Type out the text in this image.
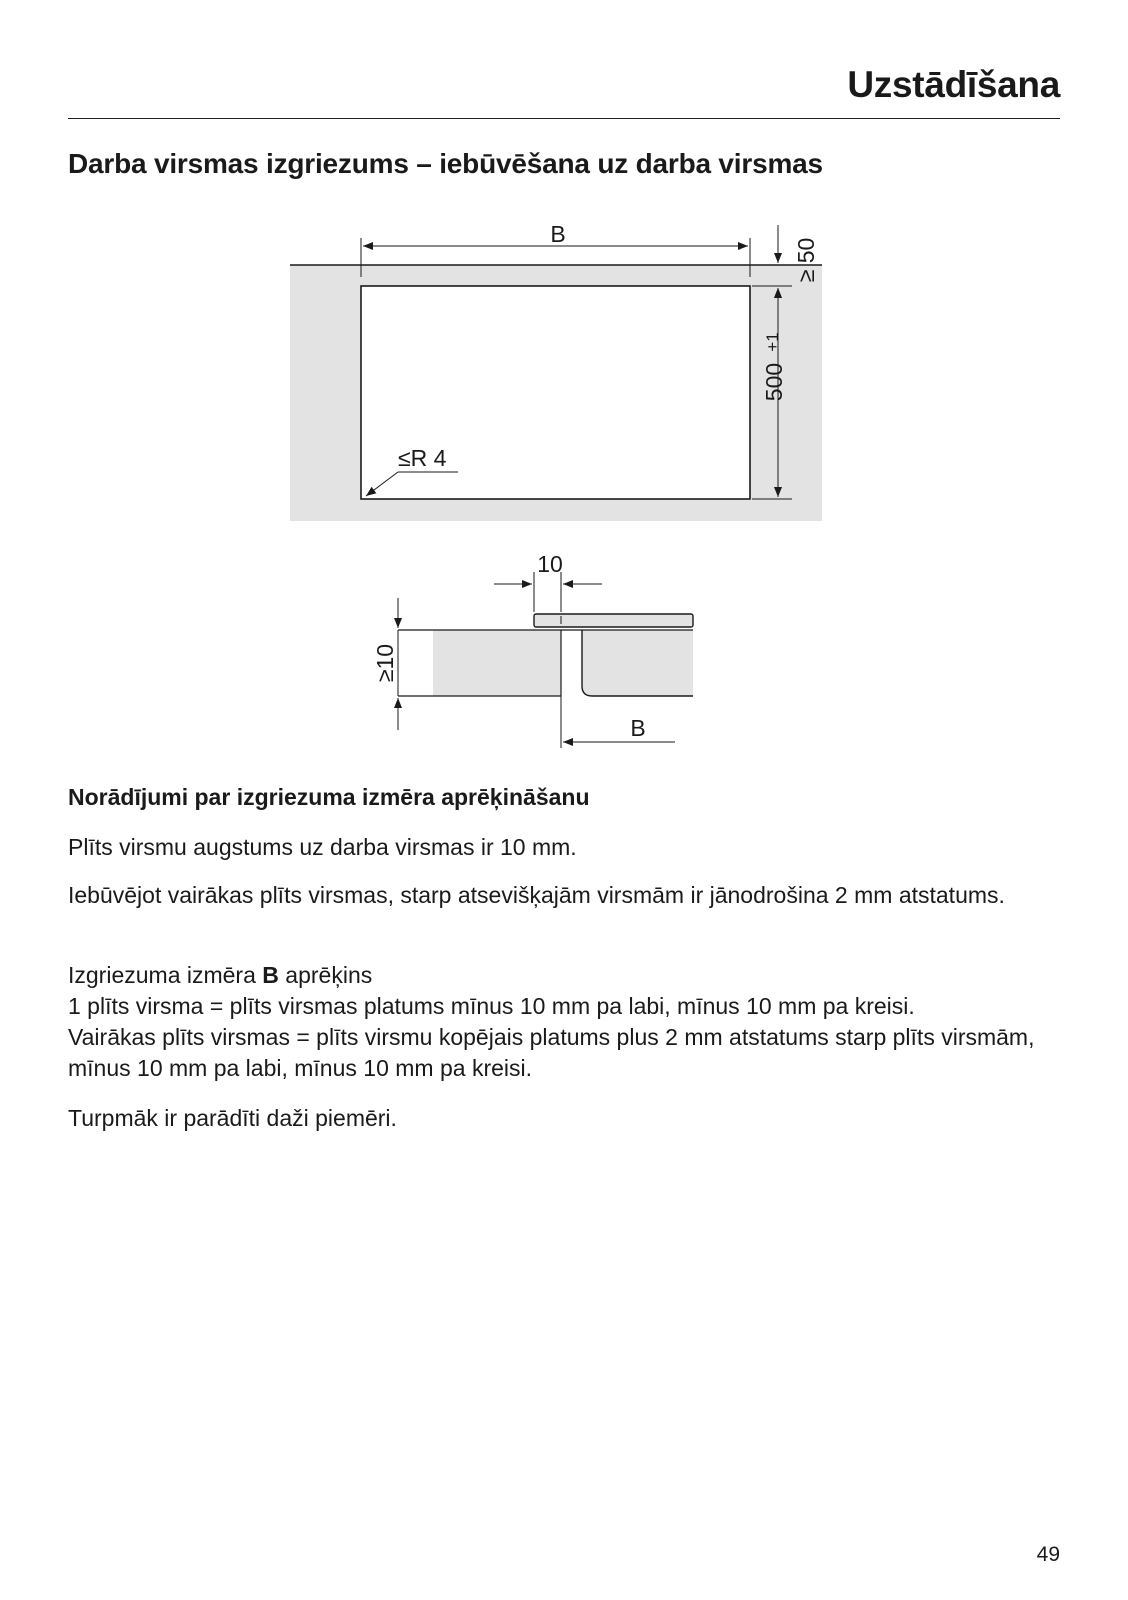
Uzstādīšana
Darba virsmas izgriezums – iebūvēšana uz darba virsmas
B
≥ 50
500
+1
≤R 4
10
≥10
B
Norādījumi par izgriezuma izmēra aprēķināšanu
Plīts virsmu augstums uz darba virsmas ir 10 mm.
Iebūvējot vairākas plīts virsmas, starp atsevišķajām virsmām ir jānodrošina 2 mm atstatums.
Izgriezuma izmēra B aprēķins
1 plīts virsma = plīts virsmas platums mīnus 10 mm pa labi, mīnus 10 mm pa kreisi.
Vairākas plīts virsmas = plīts virsmu kopējais platums plus 2 mm atstatums starp plīts virsmām, mīnus 10 mm pa labi, mīnus 10 mm pa kreisi.
Turpmāk ir parādīti daži piemēri.
49
